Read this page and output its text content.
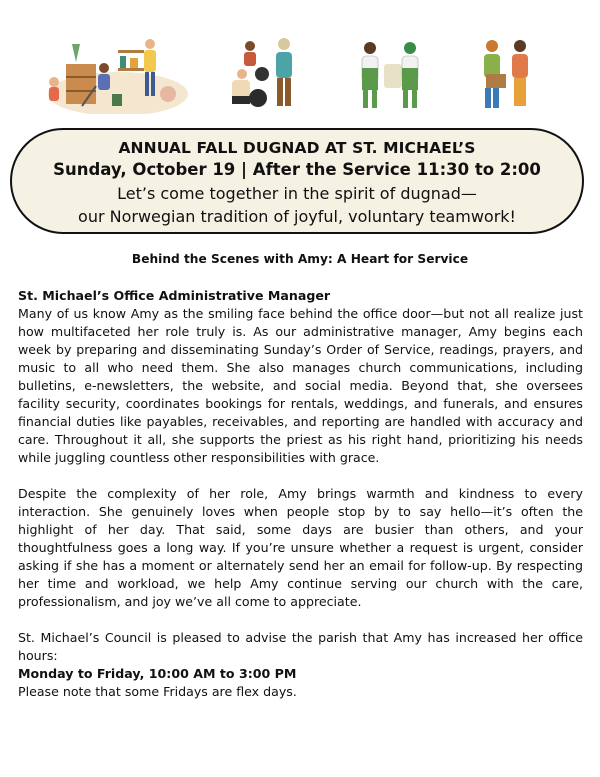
ANNUAL FALL DUGNAD AT ST. MICHAEL’S
Sunday, October 19 | After the Service 11:30 to 2:00
Let’s come together in the spirit of dugnad—
our Norwegian tradition of joyful, voluntary teamwork!
Behind the Scenes with Amy: A Heart for Service
St. Michael’s Office Administrative Manager

Many of us know Amy as the smiling face behind the office door—but not all realize just how multifaceted her role truly is. As our administrative manager, Amy begins each week by preparing and disseminating Sunday’s Order of Service, readings, prayers, and music to all who need them. She also manages church communications, including bulletins, e-newsletters, the website, and social media. Beyond that, she oversees facility security, coordinates bookings for rentals, weddings, and funerals, and ensures financial duties like payables, receivables, and reporting are handled with accuracy and care. Throughout it all, she supports the priest as his right hand, prioritizing his needs while juggling countless other responsibilities with grace.

Despite the complexity of her role, Amy brings warmth and kindness to every interaction. She genuinely loves when people stop by to say hello—it’s often the highlight of her day. That said, some days are busier than others, and your thoughtfulness goes a long way. If you’re unsure whether a request is urgent, consider asking if she has a moment or alternately send her an email for follow-up. By respecting her time and workload, we help Amy continue serving our church with the care, professionalism, and joy we’ve all come to appreciate.

St. Michael’s Council is pleased to advise the parish that Amy has increased her office hours:

Monday to Friday, 10:00 AM to 3:00 PM
Please note that some Fridays are flex days.
